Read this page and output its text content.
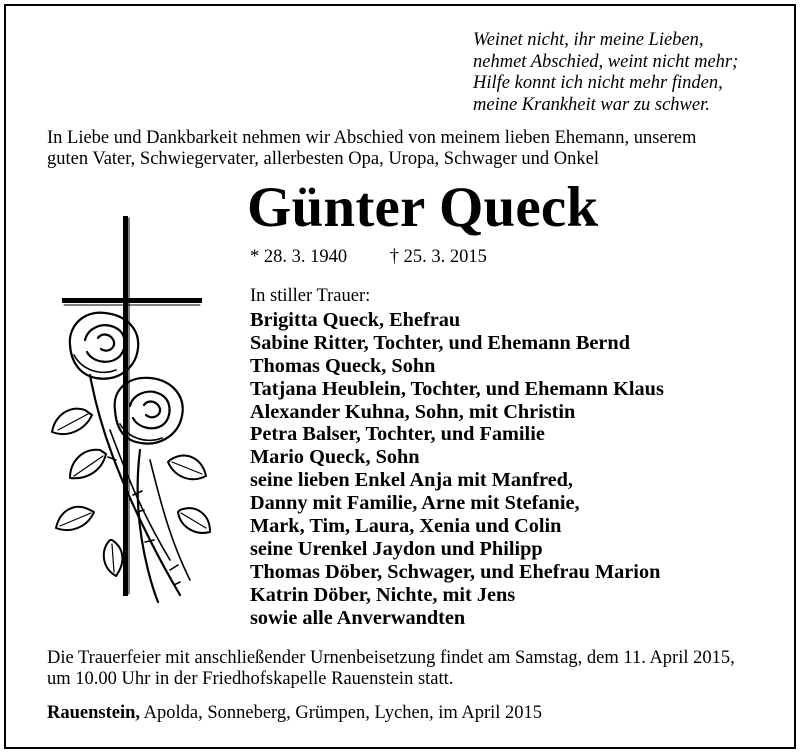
Weinet nicht, ihr meine Lieben,
nehmet Abschied, weint nicht mehr;
Hilfe konnt ich nicht mehr finden,
meine Krankheit war zu schwer.
In Liebe und Dankbarkeit nehmen wir Abschied von meinem lieben Ehemann, unserem
guten Vater, Schwiegervater, allerbesten Opa, Uropa, Schwager und Onkel
Günter Queck
* 28. 3. 1940 † 25. 3. 2015
In stiller Trauer:
Brigitta Queck, Ehefrau
Sabine Ritter, Tochter, und Ehemann Bernd
Thomas Queck, Sohn
Tatjana Heublein, Tochter, und Ehemann Klaus
Alexander Kuhna, Sohn, mit Christin
Petra Balser, Tochter, und Familie
Mario Queck, Sohn
seine lieben Enkel Anja mit Manfred,
Danny mit Familie, Arne mit Stefanie,
Mark, Tim, Laura, Xenia und Colin
seine Urenkel Jaydon und Philipp
Thomas Döber, Schwager, und Ehefrau Marion
Katrin Döber, Nichte, mit Jens
sowie alle Anverwandten
Die Trauerfeier mit anschließender Urnenbeisetzung findet am Samstag, dem 11. April 2015,
um 10.00 Uhr in der Friedhofskapelle Rauenstein statt.
Rauenstein, Apolda, Sonneberg, Grümpen, Lychen, im April 2015
